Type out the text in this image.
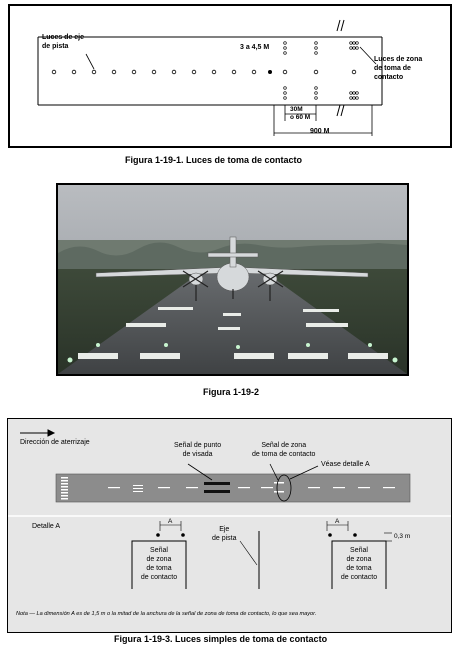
Luces de eje
de pista	3 a 4,5 M
Luces de zona
de toma de
contacto
30M
o 60 M
900 M
Figura 1-19-1. Luces de toma de contacto
Figura 1-19-2
Dirección de aterrizaje	Señal de punto
de visada
Señal de zona
de toma de contacto
Véase detalle A
Detalle A
A	A
0,3 m
Eje
de pista
Señal
de zona
de toma
de contacto
Señal
de zona
de toma
de contacto
Nota — La dimensión A es de 1,5 m o la mitad de la anchura de la señal de zona de toma de contacto, lo que sea mayor.
Figura 1-19-3. Luces simples de toma de contacto
